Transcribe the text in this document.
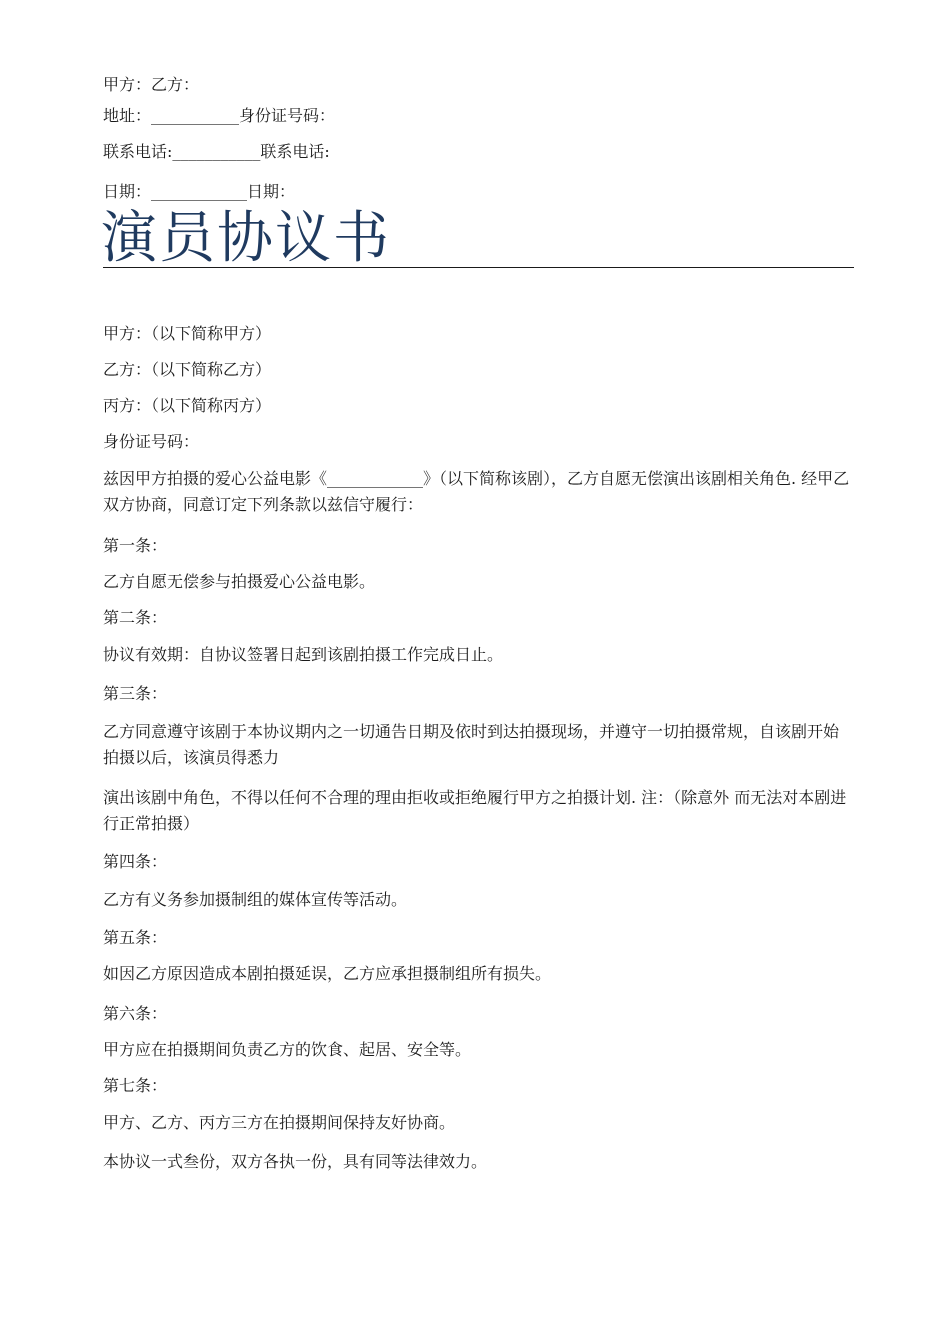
甲方：乙方：
地址：___________身份证号码：
联系电话:___________联系电话:
日期：____________日期：
演员协议书
甲方：（以下简称甲方）
乙方：（以下简称乙方）
丙方：（以下简称丙方）
身份证号码：
兹因甲方拍摄的爱心公益电影《____________》（以下简称该剧），乙方自愿无偿演出该剧相关角色. 经甲乙双方协商，同意订定下列条款以兹信守履行：
第一条：
乙方自愿无偿参与拍摄爱心公益电影。
第二条：
协议有效期：自协议签署日起到该剧拍摄工作完成日止。
第三条：
乙方同意遵守该剧于本协议期内之一切通告日期及依时到达拍摄现场，并遵守一切拍摄常规，自该剧开始拍摄以后，该演员得悉力
演出该剧中角色，不得以任何不合理的理由拒收或拒绝履行甲方之拍摄计划. 注：（除意外 而无法对本剧进行正常拍摄）
第四条：
乙方有义务参加摄制组的媒体宣传等活动。
第五条：
如因乙方原因造成本剧拍摄延误，乙方应承担摄制组所有损失。
第六条：
甲方应在拍摄期间负责乙方的饮食、起居、安全等。
第七条：
甲方、乙方、丙方三方在拍摄期间保持友好协商。
本协议一式叁份，双方各执一份，具有同等法律效力。
